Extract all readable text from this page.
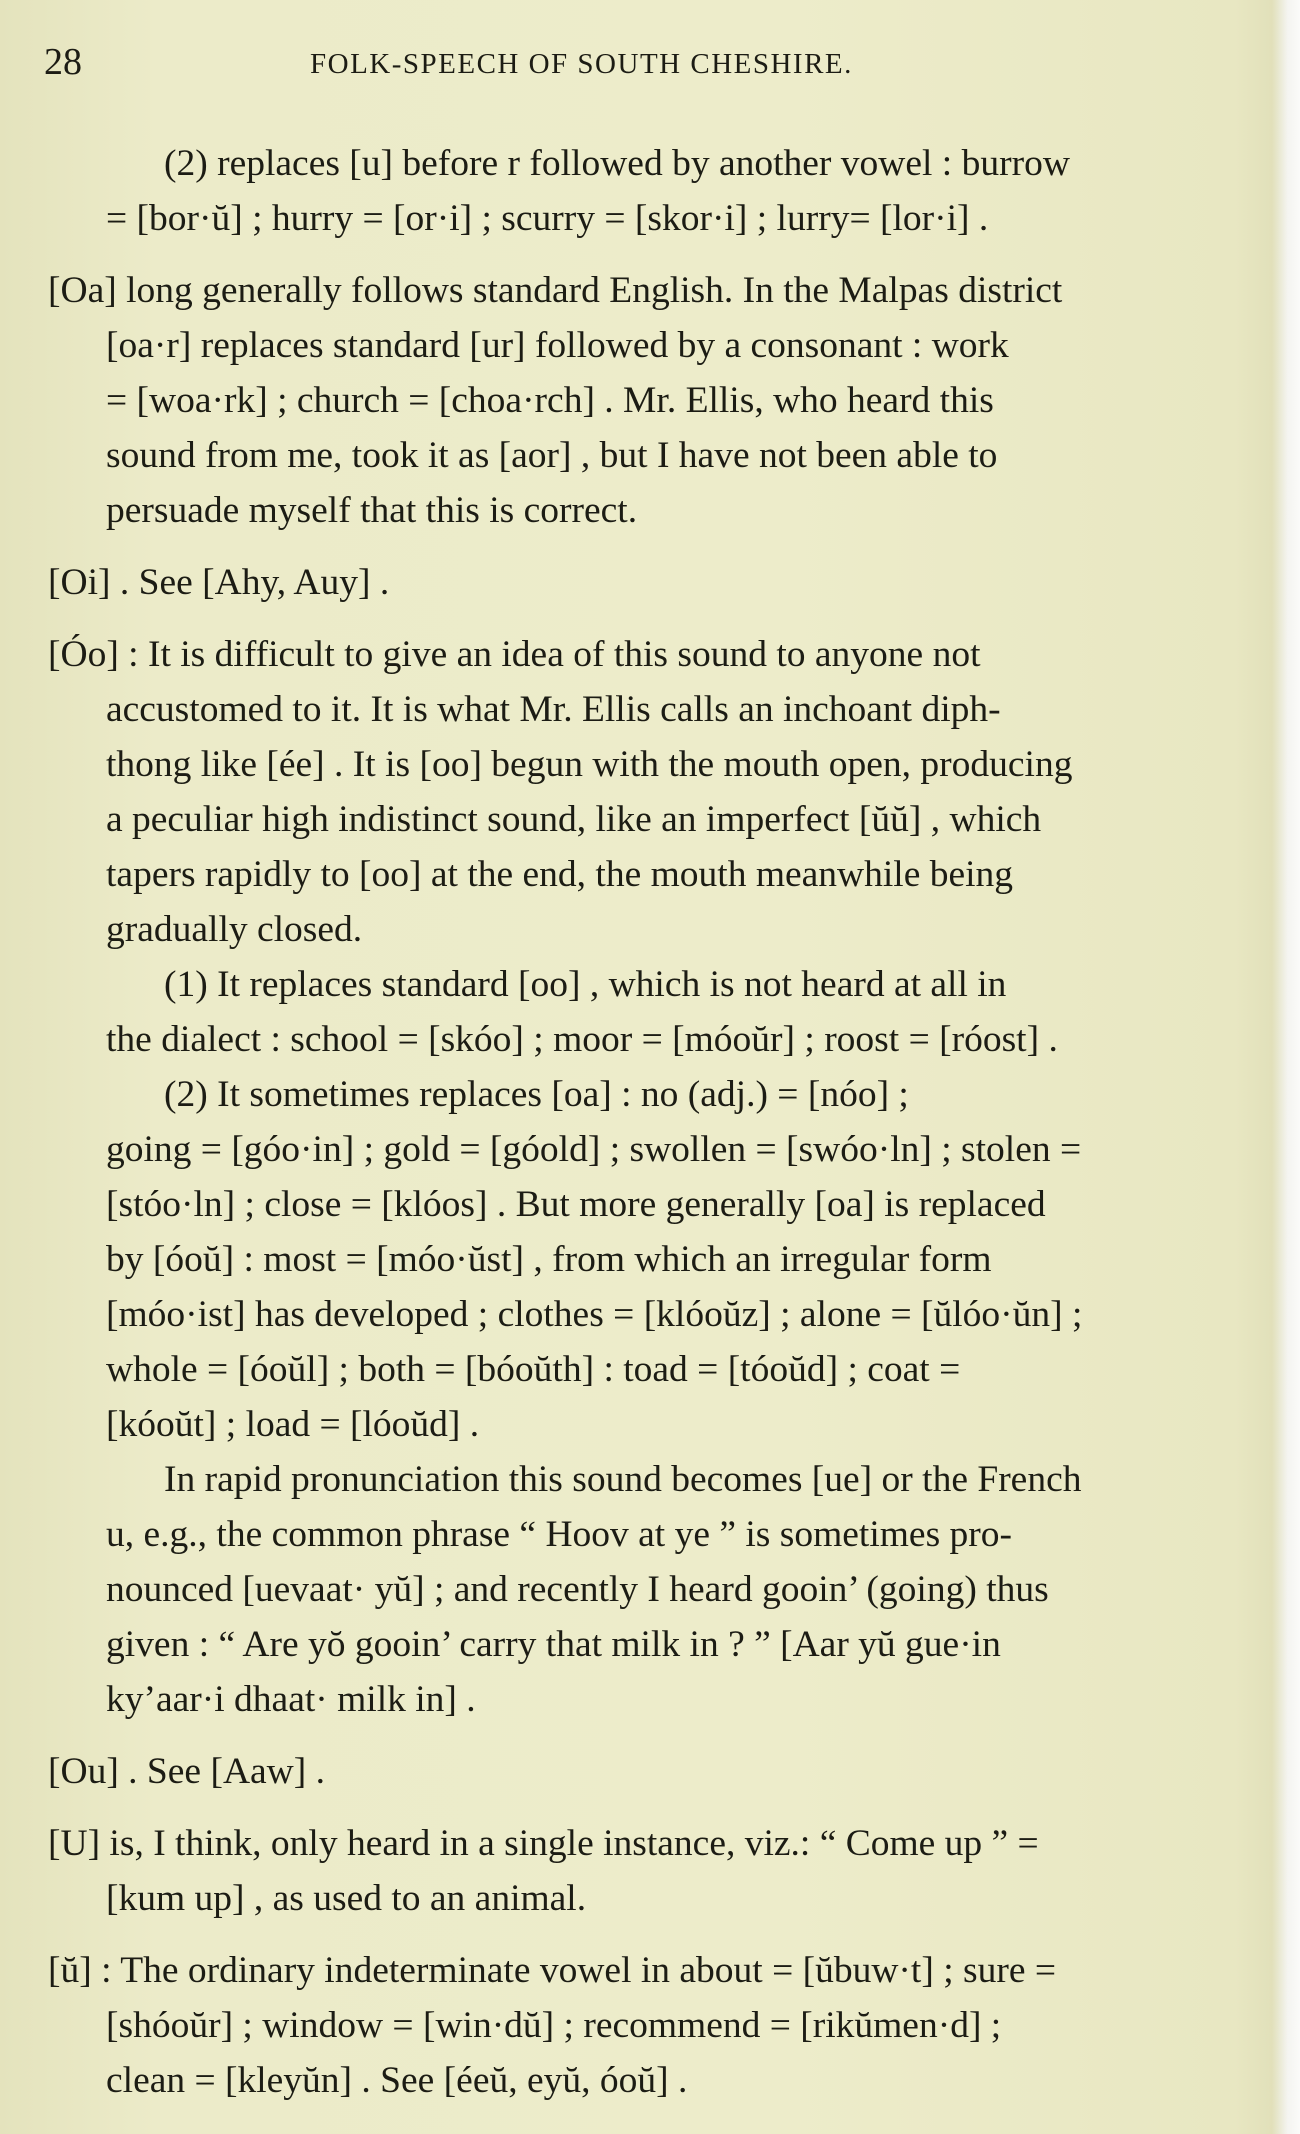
28	FOLK-SPEECH OF SOUTH CHESHIRE.

(2) replaces [u] before r followed by another vowel : burrow
= [bor·ŭ] ; hurry = [or·i] ; scurry = [skor·i] ; lurry= [lor·i] .

[Oa] long generally follows standard English. In the Malpas district
[oa·r] replaces standard [ur] followed by a consonant : work
= [woa·rk] ; church = [choa·rch] . Mr. Ellis, who heard this
sound from me, took it as [aor] , but I have not been able to
persuade myself that this is correct.

[Oi] . See [Ahy, Auy] .

[Óo] : It is difficult to give an idea of this sound to anyone not
accustomed to it. It is what Mr. Ellis calls an inchoant diph-
thong like [ée] . It is [oo] begun with the mouth open, producing
a peculiar high indistinct sound, like an imperfect [ŭŭ] , which
tapers rapidly to [oo] at the end, the mouth meanwhile being
gradually closed.

(1) It replaces standard [oo] , which is not heard at all in
the dialect : school = [skóo] ; moor = [móoŭr] ; roost = [róost] .

(2) It sometimes replaces [oa] : no (adj.) = [nóo] ;
going = [góo·in] ; gold = [góold] ; swollen = [swóo·ln] ; stolen =
[stóo·ln] ; close = [klóos] . But more generally [oa] is replaced
by [óoŭ] : most = [móo·ŭst] , from which an irregular form
[móo·ist] has developed ; clothes = [klóoŭz] ; alone = [ŭlóo·ŭn] ;
whole = [óoŭl] ; both = [bóoŭth] : toad = [tóoŭd] ; coat =
[kóoŭt] ; load = [lóoŭd] .

In rapid pronunciation this sound becomes [ue] or the French
u, e.g., the common phrase “ Hoov at ye ” is sometimes pro-
nounced [uevaat· yŭ] ; and recently I heard gooin’ (going) thus
given : “ Are yŏ gooin’ carry that milk in ? ” [Aar yŭ gue·in
ky’aar·i dhaat· milk in] .

[Ou] . See [Aaw] .

[U] is, I think, only heard in a single instance, viz.: “ Come up ” =
[kum up] , as used to an animal.

[ŭ] : The ordinary indeterminate vowel in about = [ŭbuw·t] ; sure =
[shóoŭr] ; window = [win·dŭ] ; recommend = [rikŭmen·d] ;
clean = [kleyŭn] . See [éeŭ, eyŭ, óoŭ] .
